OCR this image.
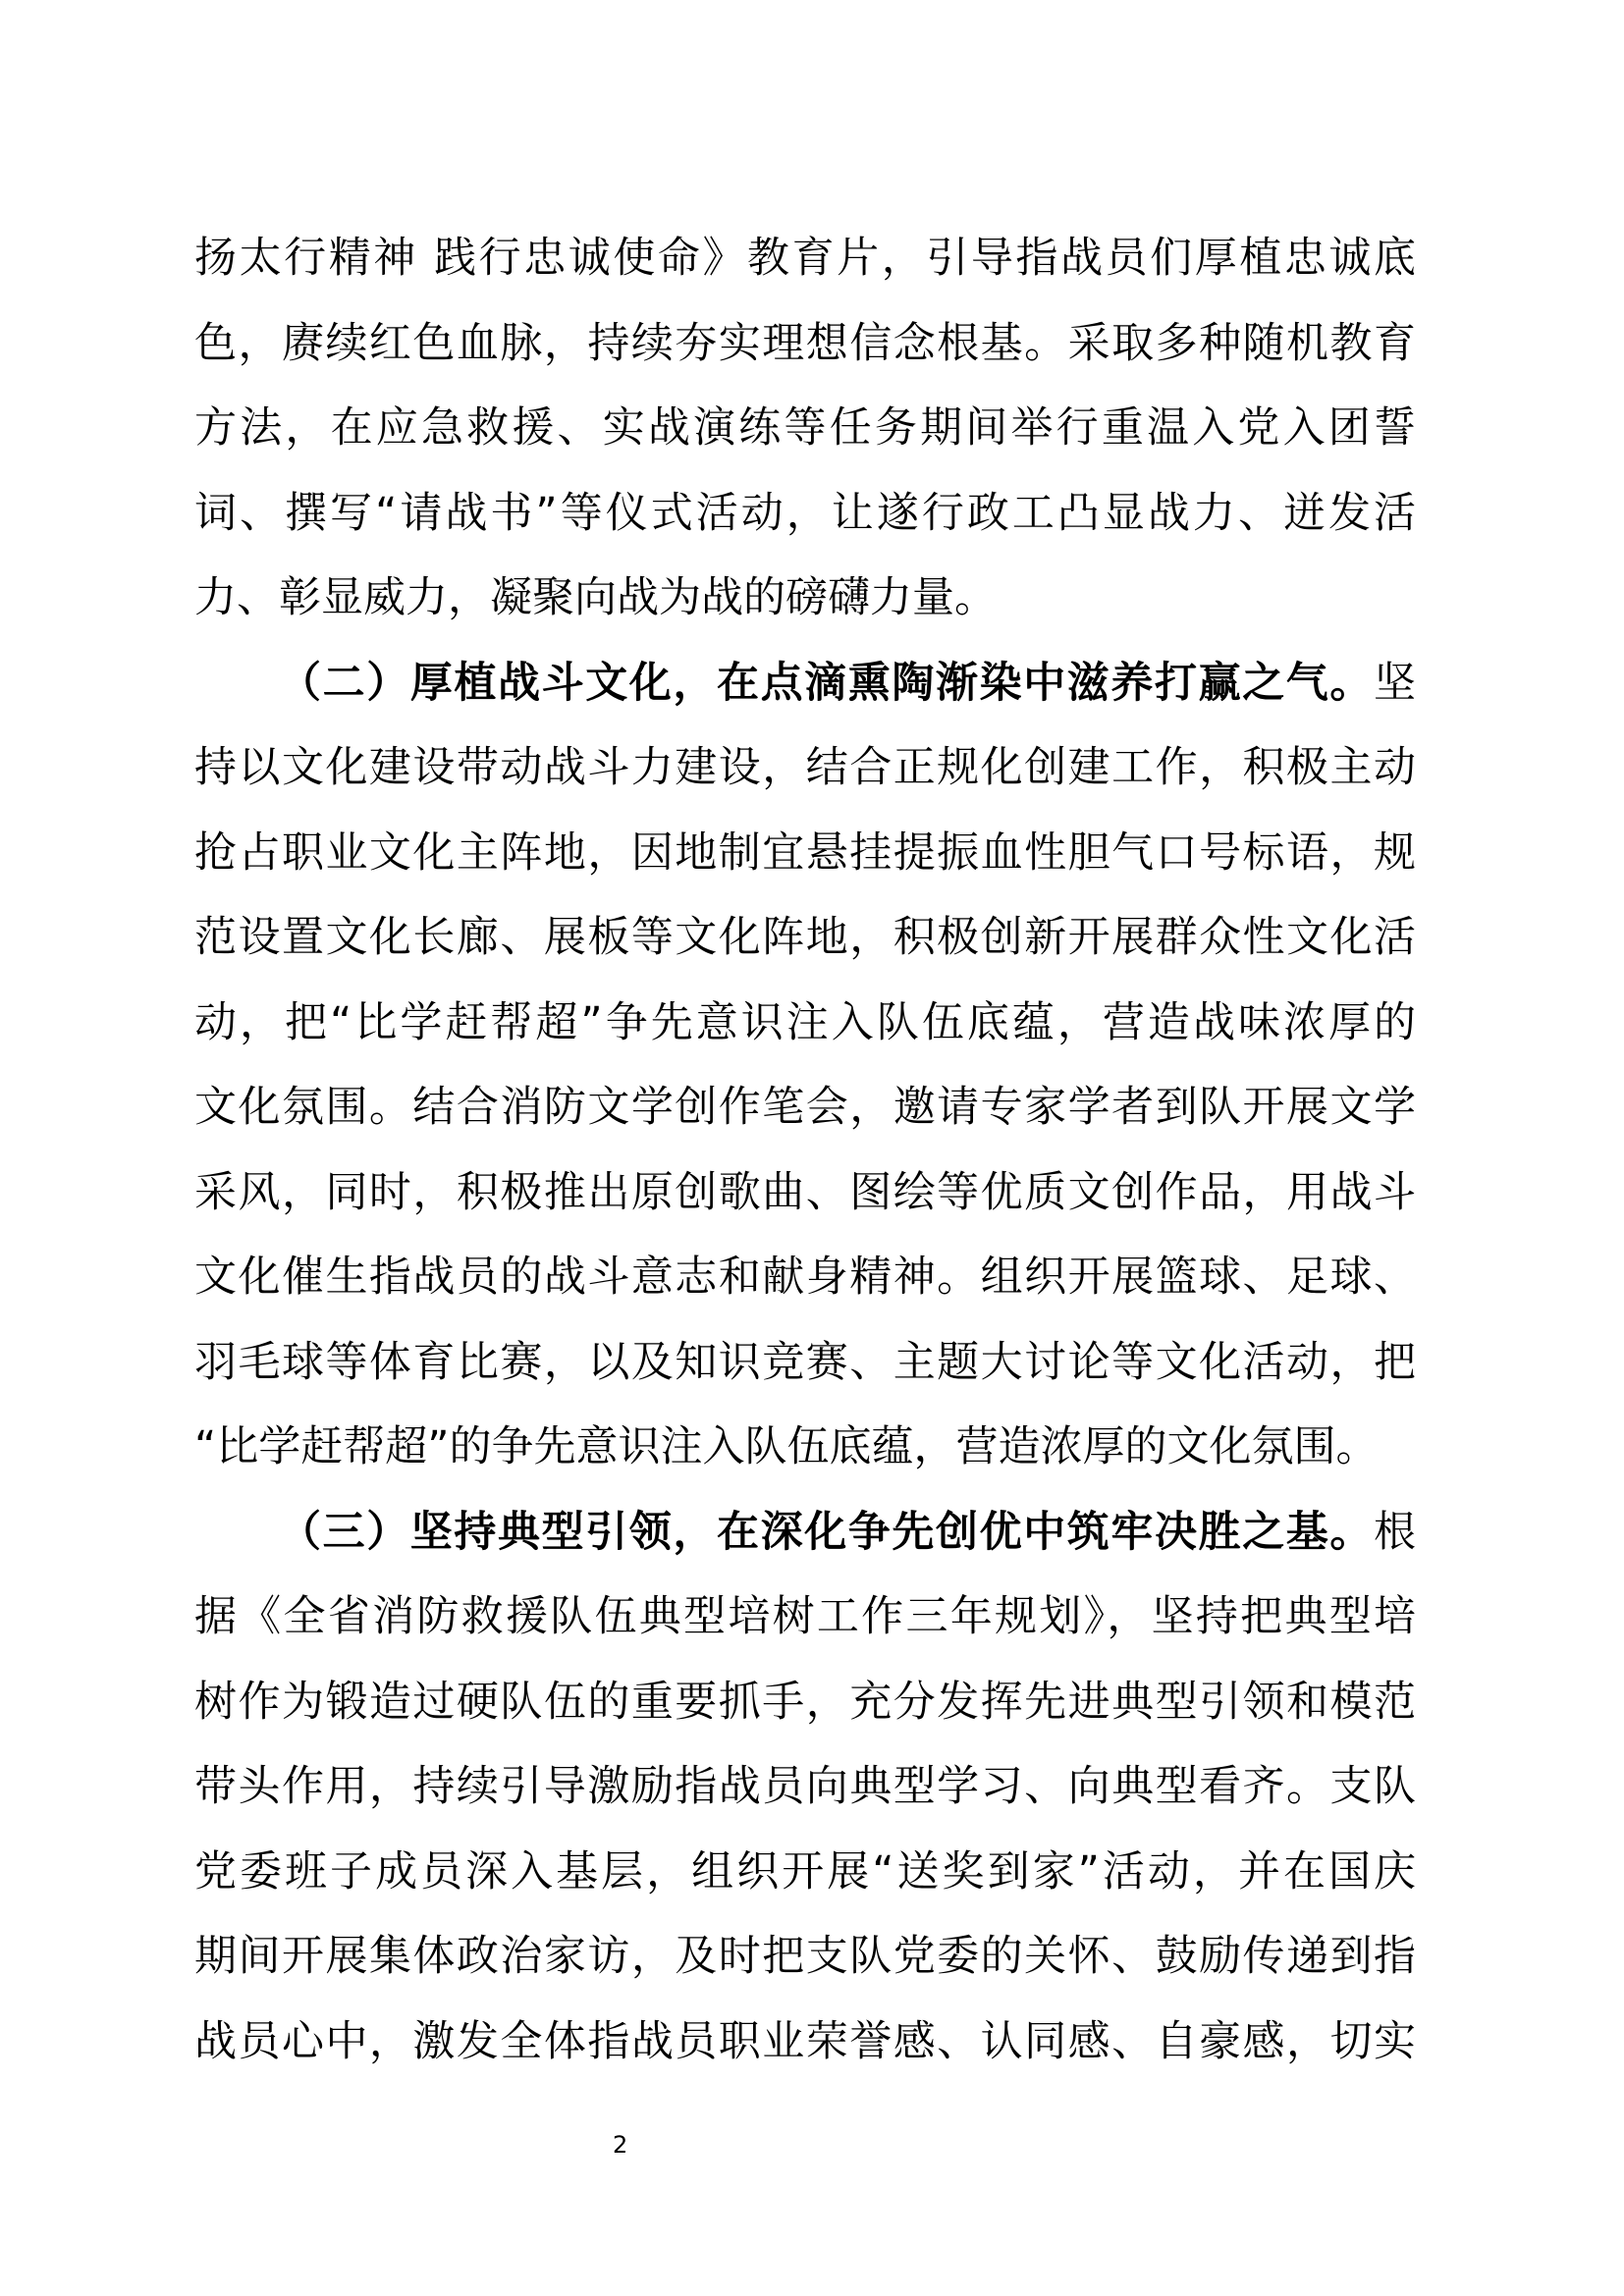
扬太行精神 践行忠诚使命》教育片，引导指战员们厚植忠诚底
色，赓续红色血脉，持续夯实理想信念根基。采取多种随机教育
方法，在应急救援、实战演练等任务期间举行重温入党入团誓
词、撰写“请战书”等仪式活动，让遂行政工凸显战力、迸发活
力、彰显威力，凝聚向战为战的磅礴力量。
（二）厚植战斗文化，在点滴熏陶渐染中滋养打赢之气。坚
持以文化建设带动战斗力建设，结合正规化创建工作，积极主动
抢占职业文化主阵地，因地制宜悬挂提振血性胆气口号标语，规
范设置文化长廊、展板等文化阵地，积极创新开展群众性文化活
动，把“比学赶帮超”争先意识注入队伍底蕴，营造战味浓厚的
文化氛围。结合消防文学创作笔会，邀请专家学者到队开展文学
采风，同时，积极推出原创歌曲、图绘等优质文创作品，用战斗
文化催生指战员的战斗意志和献身精神。组织开展篮球、足球、
羽毛球等体育比赛，以及知识竞赛、主题大讨论等文化活动，把
“比学赶帮超”的争先意识注入队伍底蕴，营造浓厚的文化氛围。
（三）坚持典型引领，在深化争先创优中筑牢决胜之基。根
据《全省消防救援队伍典型培树工作三年规划》，坚持把典型培
树作为锻造过硬队伍的重要抓手，充分发挥先进典型引领和模范
带头作用，持续引导激励指战员向典型学习、向典型看齐。支队
党委班子成员深入基层，组织开展“送奖到家”活动，并在国庆
期间开展集体政治家访，及时把支队党委的关怀、鼓励传递到指
战员心中，激发全体指战员职业荣誉感、认同感、自豪感，切实
2
